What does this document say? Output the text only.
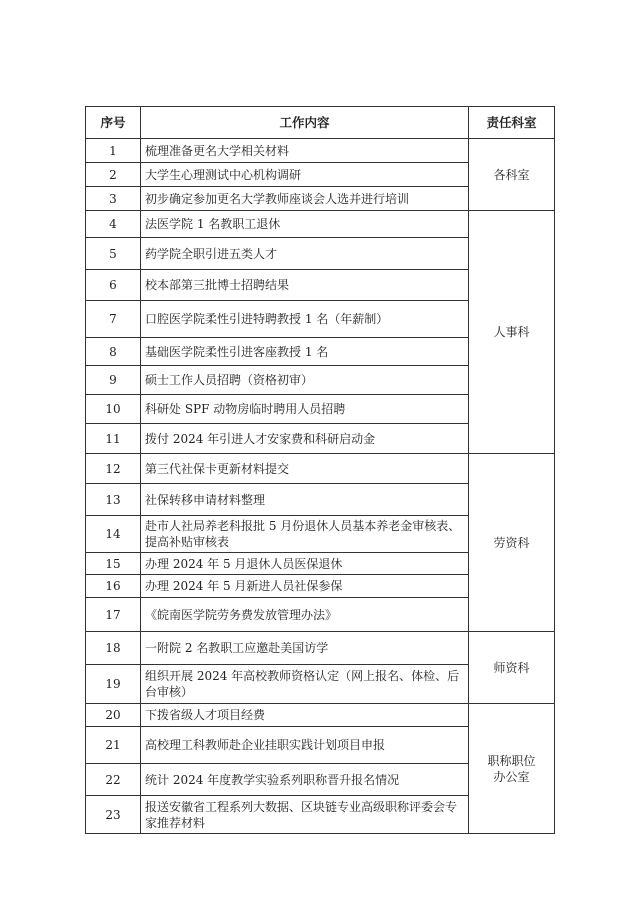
序号	工作内容	责任科室
1	梳理准备更名大学相关材料	各科室
2	大学生心理测试中心机构调研	
3	初步确定参加更名大学教师座谈会人选并进行培训	
4	法医学院 1 名教职工退休	人事科
5	药学院全职引进五类人才	
6	校本部第三批博士招聘结果	
7	口腔医学院柔性引进特聘教授 1 名（年薪制）	
8	基础医学院柔性引进客座教授 1 名	
9	硕士工作人员招聘（资格初审）	
10	科研处 SPF 动物房临时聘用人员招聘	
11	拨付 2024 年引进人才安家费和科研启动金	
12	第三代社保卡更新材料提交	劳资科
13	社保转移申请材料整理	
14	赴市人社局养老科报批 5 月份退休人员基本养老金审核表、提高补贴审核表	
15	办理 2024 年 5 月退休人员医保退休	
16	办理 2024 年 5 月新进人员社保参保	
17	《皖南医学院劳务费发放管理办法》	
18	一附院 2 名教职工应邀赴美国访学	师资科
19	组织开展 2024 年高校教师资格认定（网上报名、体检、后台审核）	
20	下拨省级人才项目经费	职称职位办公室

21	高校理工科教师赴企业挂职实践计划项目申报	
22	统计 2024 年度教学实验系列职称晋升报名情况	
23	报送安徽省工程系列大数据、区块链专业高级职称评委会专家推荐材料	
